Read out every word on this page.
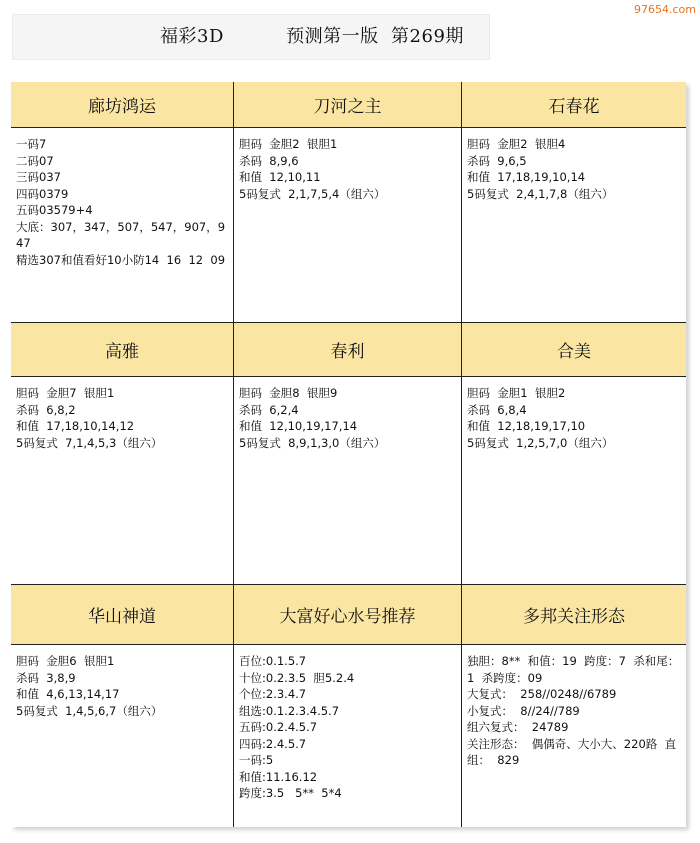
福彩3D          预测第一版  第269期
97654.com
廊坊鸿运	刀河之主	石春花
一码7
二码07
三码037
四码0379
五码03579+4
大底：307，347，507，547，907，947
精选307和值看好10小防14  16  12  09
胆码  金胆2  银胆1
杀码  8,9,6
和值  12,10,11
5码复式  2,1,7,5,4（组六）
胆码  金胆2  银胆4
杀码  9,6,5
和值  17,18,19,10,14
5码复式  2,4,1,7,8（组六）
高雅	春利	合美
胆码  金胆7  银胆1
杀码  6,8,2
和值  17,18,10,14,12
5码复式  7,1,4,5,3（组六）
胆码  金胆8  银胆9
杀码  6,2,4
和值  12,10,19,17,14
5码复式  8,9,1,3,0（组六）
胆码  金胆1  银胆2
杀码  6,8,4
和值  12,18,19,17,10
5码复式  1,2,5,7,0（组六）
华山神道	大富好心水号推荐	多邦关注形态
胆码  金胆6  银胆1
杀码  3,8,9
和值  4,6,13,14,17
5码复式  1,4,5,6,7（组六）
百位:0.1.5.7
十位:0.2.3.5  胆5.2.4
个位:2.3.4.7
组选:0.1.2.3.4.5.7
五码:0.2.4.5.7
四码:2.4.5.7
一码:5
和值:11.16.12
跨度:3.5   5**  5*4
独胆：8**  和值：19  跨度：7  杀和尾：1  杀跨度：09
大复式：  258//0248//6789
小复式：  8//24//789
组六复式：  24789
关注形态：  偶偶奇、大小大、220路  直组：  829
